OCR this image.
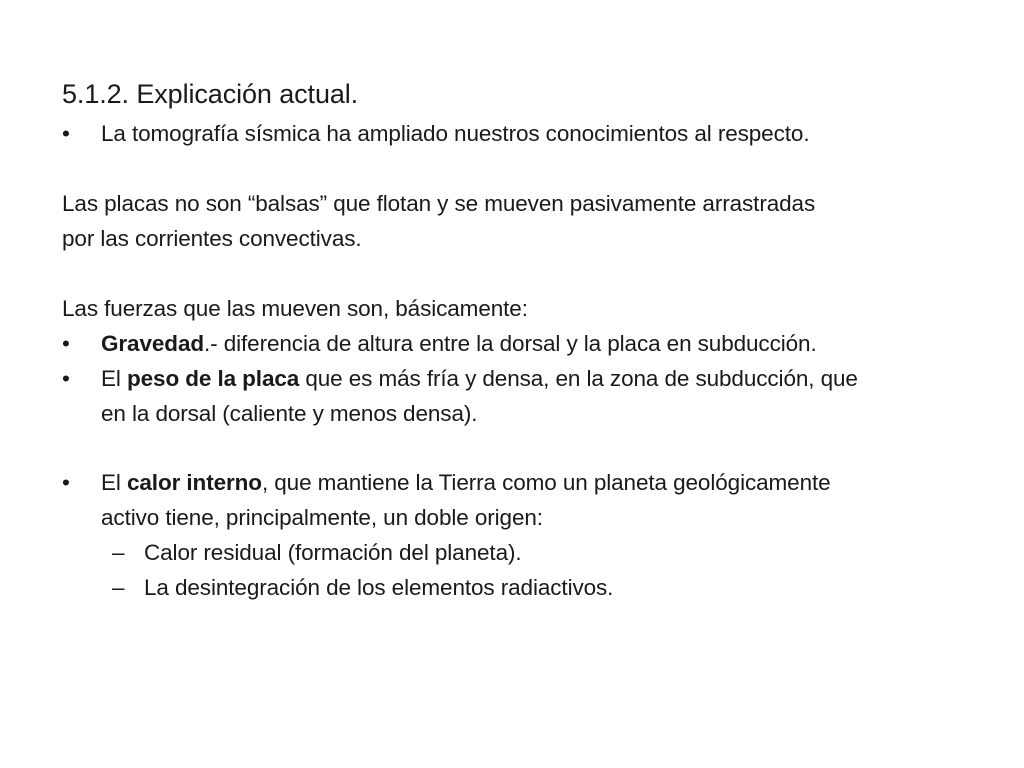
5.1.2. Explicación actual.
•	La tomografía sísmica ha ampliado nuestros conocimientos al respecto.
Las placas no son “balsas” que flotan y se mueven pasivamente arrastradas
por las corrientes convectivas.
Las fuerzas que las mueven son, básicamente:
•	Gravedad.- diferencia de altura entre la dorsal y la placa en subducción.
•	El peso de la placa que es más fría y densa, en la zona de subducción, que
en la dorsal (caliente y menos densa).
•	El calor interno, que mantiene la Tierra como un planeta geológicamente
activo tiene, principalmente, un doble origen:
– Calor residual (formación del planeta).
– La desintegración de los elementos radiactivos.
